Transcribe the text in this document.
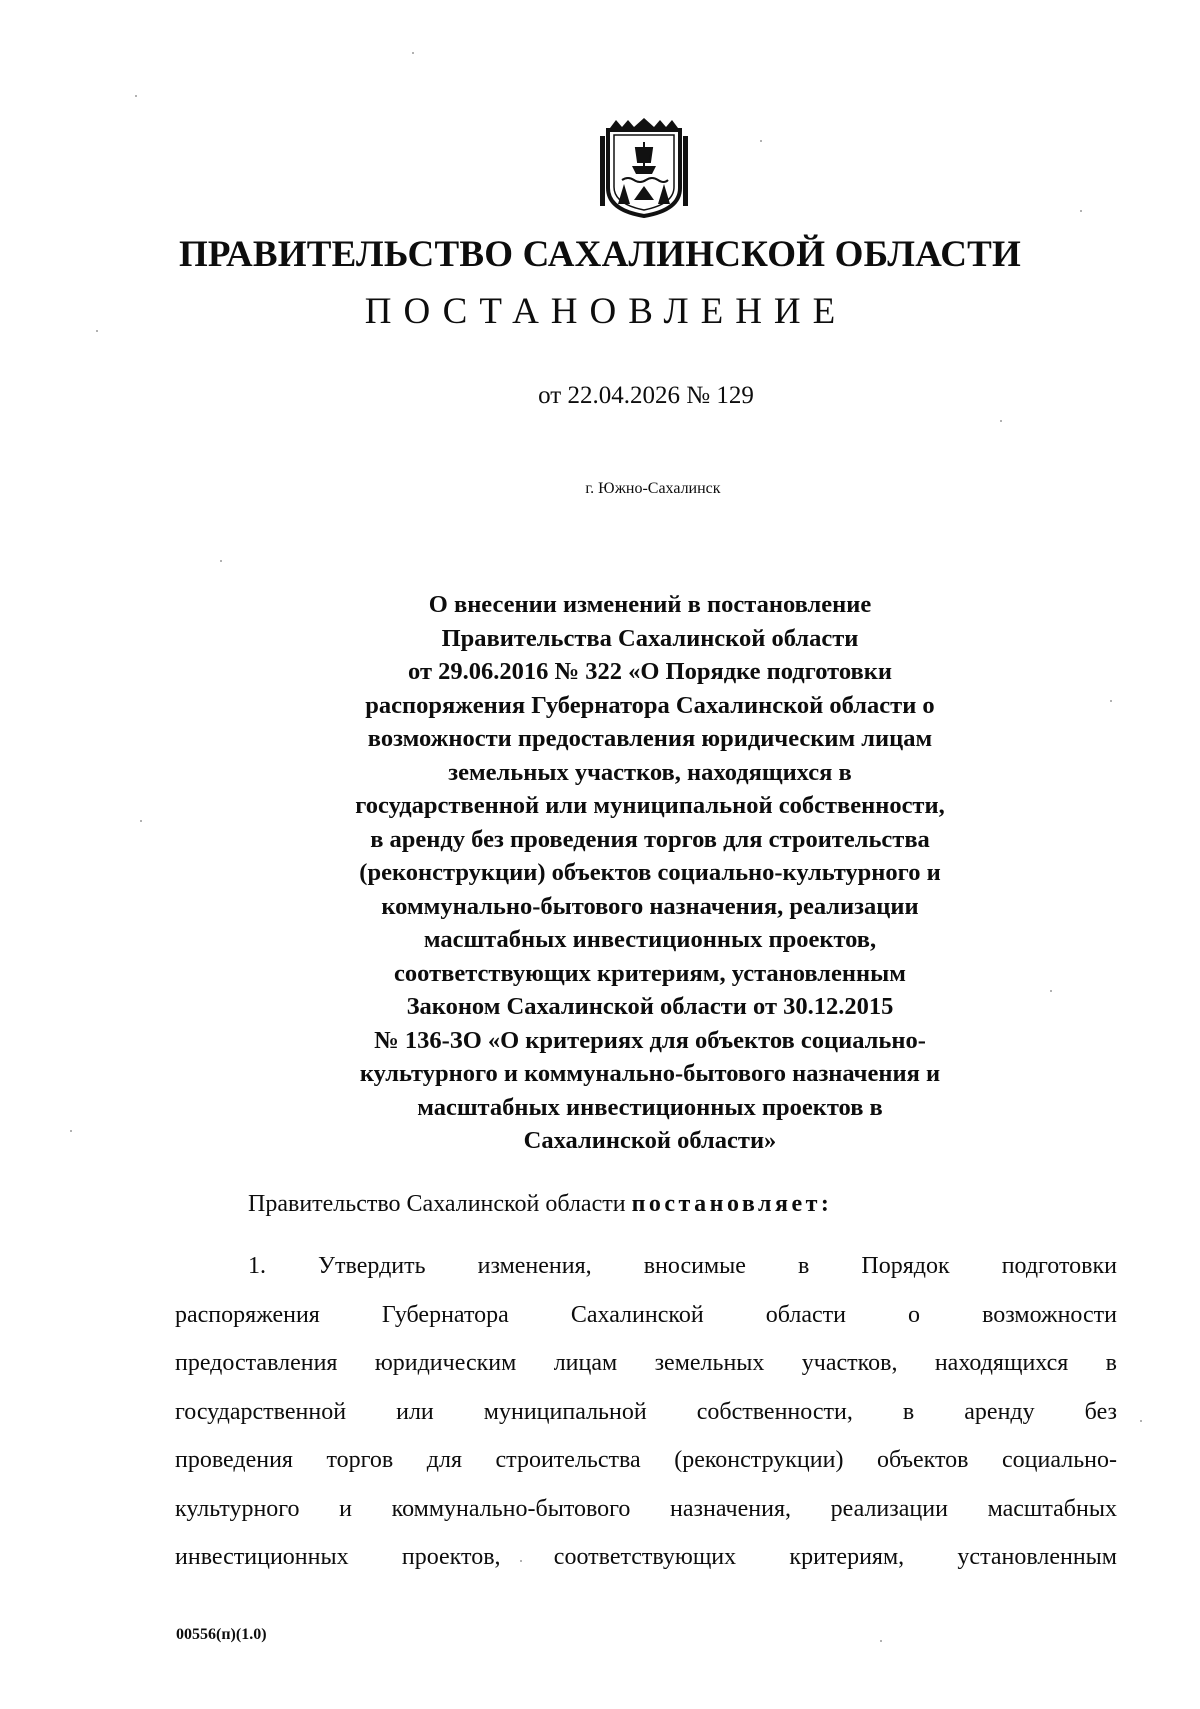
ПРАВИТЕЛЬСТВО САХАЛИНСКОЙ ОБЛАСТИ
ПОСТАНОВЛЕНИЕ
от 22.04.2026 № 129
г. Южно-Сахалинск
О внесении изменений в постановление
Правительства Сахалинской области
от 29.06.2016 № 322 «О Порядке подготовки
распоряжения Губернатора Сахалинской области о
возможности предоставления юридическим лицам
земельных участков, находящихся в
государственной или муниципальной собственности,
в аренду без проведения торгов для строительства
(реконструкции) объектов социально-культурного и
коммунально-бытового назначения, реализации
масштабных инвестиционных проектов,
соответствующих критериям, установленным
Законом Сахалинской области от 30.12.2015
№ 136-ЗО «О критериях для объектов социально-
культурного и коммунально-бытового назначения и
масштабных инвестиционных проектов в
Сахалинской области»
Правительство Сахалинской области постановляет:
1. Утвердить изменения, вносимые в Порядок подготовки
распоряжения Губернатора Сахалинской области о возможности
предоставления юридическим лицам земельных участков, находящихся в
государственной или муниципальной собственности, в аренду без
проведения торгов для строительства (реконструкции) объектов социально-
культурного и коммунально-бытового назначения, реализации масштабных
инвестиционных проектов, соответствующих критериям, установленным
00556(п)(1.0)
